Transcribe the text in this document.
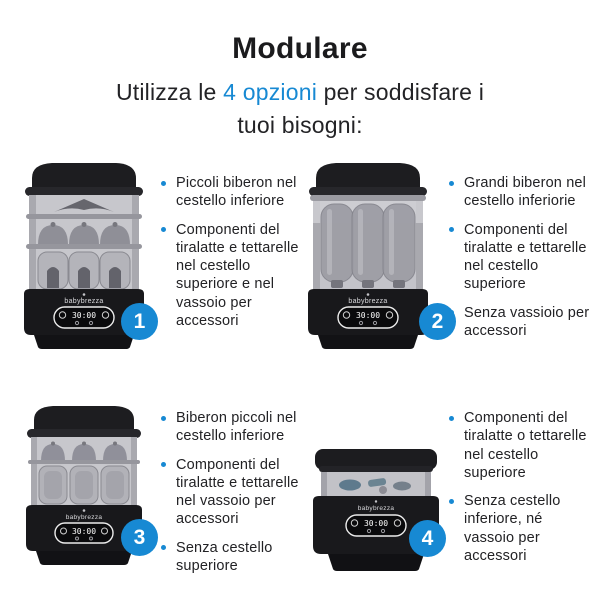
Modulare

Utilizza le 4 opzioni per soddisfare i
tuoi bisogni:

babybrezza
30:00	1
Piccoli biberon nel cestello inferiore
Componenti del tiralatte e tettarelle nel cestello superiore e nel vassoio per accessori
babybrezza
30:00	2
Grandi biberon nel cestello inferiorie
Componenti del tiralatte e tettarelle nel cestello superiore
Senza vassioio per accessori
babybrezza
30:00	3
Biberon piccoli nel cestello inferiore
Componenti del tiralatte e tettarelle nel vassoio per accessori
Senza cestello superiore
babybrezza
30:00
4
Componenti del tiralatte o tettarelle nel cestello superiore
Senza cestello inferiore, né vassoio per accessori
